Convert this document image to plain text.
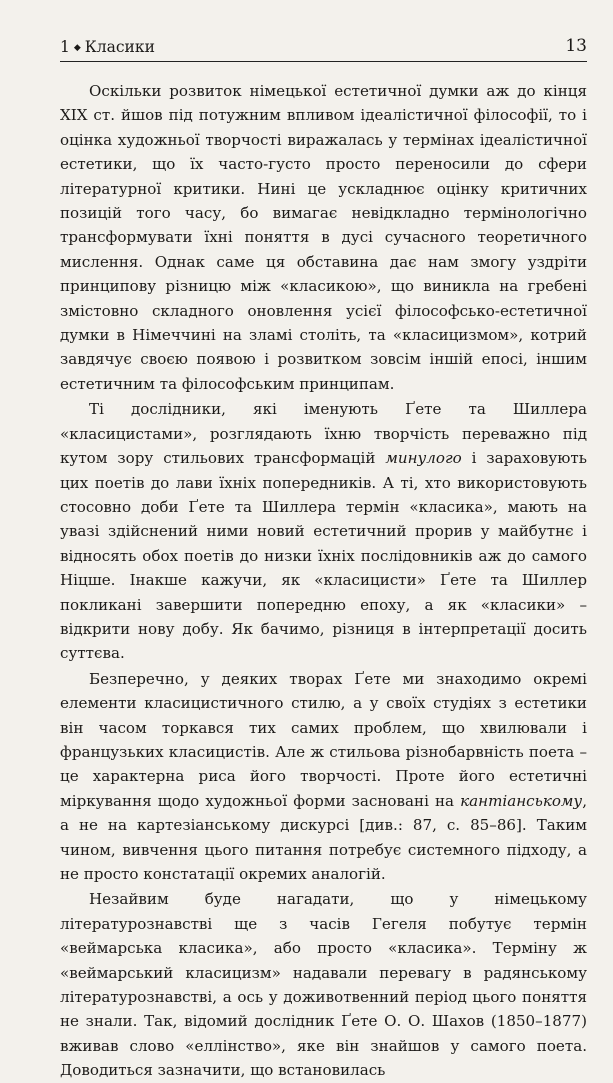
1 ◆ Класики	13

Оскільки розвиток німецької естетичної думки аж до кінця XIX ст. йшов під потужним впливом ідеалістичної філософії, то і оцінка художньої творчості виражалась у термінах ідеалістичної естетики, що їх часто-густо просто переносили до сфери літературної критики. Нині це ускладнює оцінку критичних позицій того часу, бо вимагає невідкладно термінологічно трансформувати їхні поняття в дусі сучасного теоретичного мислення. Однак саме ця обставина дає нам змогу уздріти принципову різницю між «класикою», що виникла на гребені змістовно складного оновлення усієї філософсько-естетичної думки в Німеччині на зламі століть, та «класицизмом», котрий завдячує своєю появою і розвитком зовсім іншій епосі, іншим естетичним та філософським принципам.

Ті дослідники, які іменують Ґете та Шиллера «класицистами», розглядають їхню творчість переважно під кутом зору стильових трансформацій минулого і зараховують цих поетів до лави їхніх попередників. А ті, хто використовують стосовно доби Ґете та Шиллера термін «класика», мають на увазі здійснений ними новий естетичний прорив у майбутнє і відносять обох поетів до низки їхніх послідовників аж до самого Ніцше. Інакше кажучи, як «класицисти» Ґете та Шиллер покликані завершити попередню епоху, а як «класики» – відкрити нову добу. Як бачимо, різниця в інтерпретації досить суттєва.

Безперечно, у деяких творах Ґете ми знаходимо окремі елементи класицистичного стилю, а у своїх студіях з естетики він часом торкався тих самих проблем, що хвилювали і французьких класицистів. Але ж стильова різнобарвність поета – це характерна риса його творчості. Проте його естетичні міркування щодо художньої форми засновані на кантіанському, а не на картезіанському дискурсі [див.: 87, с. 85–86]. Таким чином, вивчення цього питання потребує системного підходу, а не просто констатації окремих аналогій.

Незайвим буде нагадати, що у німецькому літературознавстві ще з часів Гегеля побутує термін «веймарська класика», або просто «класика». Терміну ж «веймарський класицизм» надавали перевагу в радянському літературознавстві, а ось у доживотвенний період цього поняття не знали. Так, відомий дослідник Ґете О. О. Шахов (1850–1877) вживав слово «еллінство», яке він знайшов у самого поета. Доводиться зазначити, що встановилась
